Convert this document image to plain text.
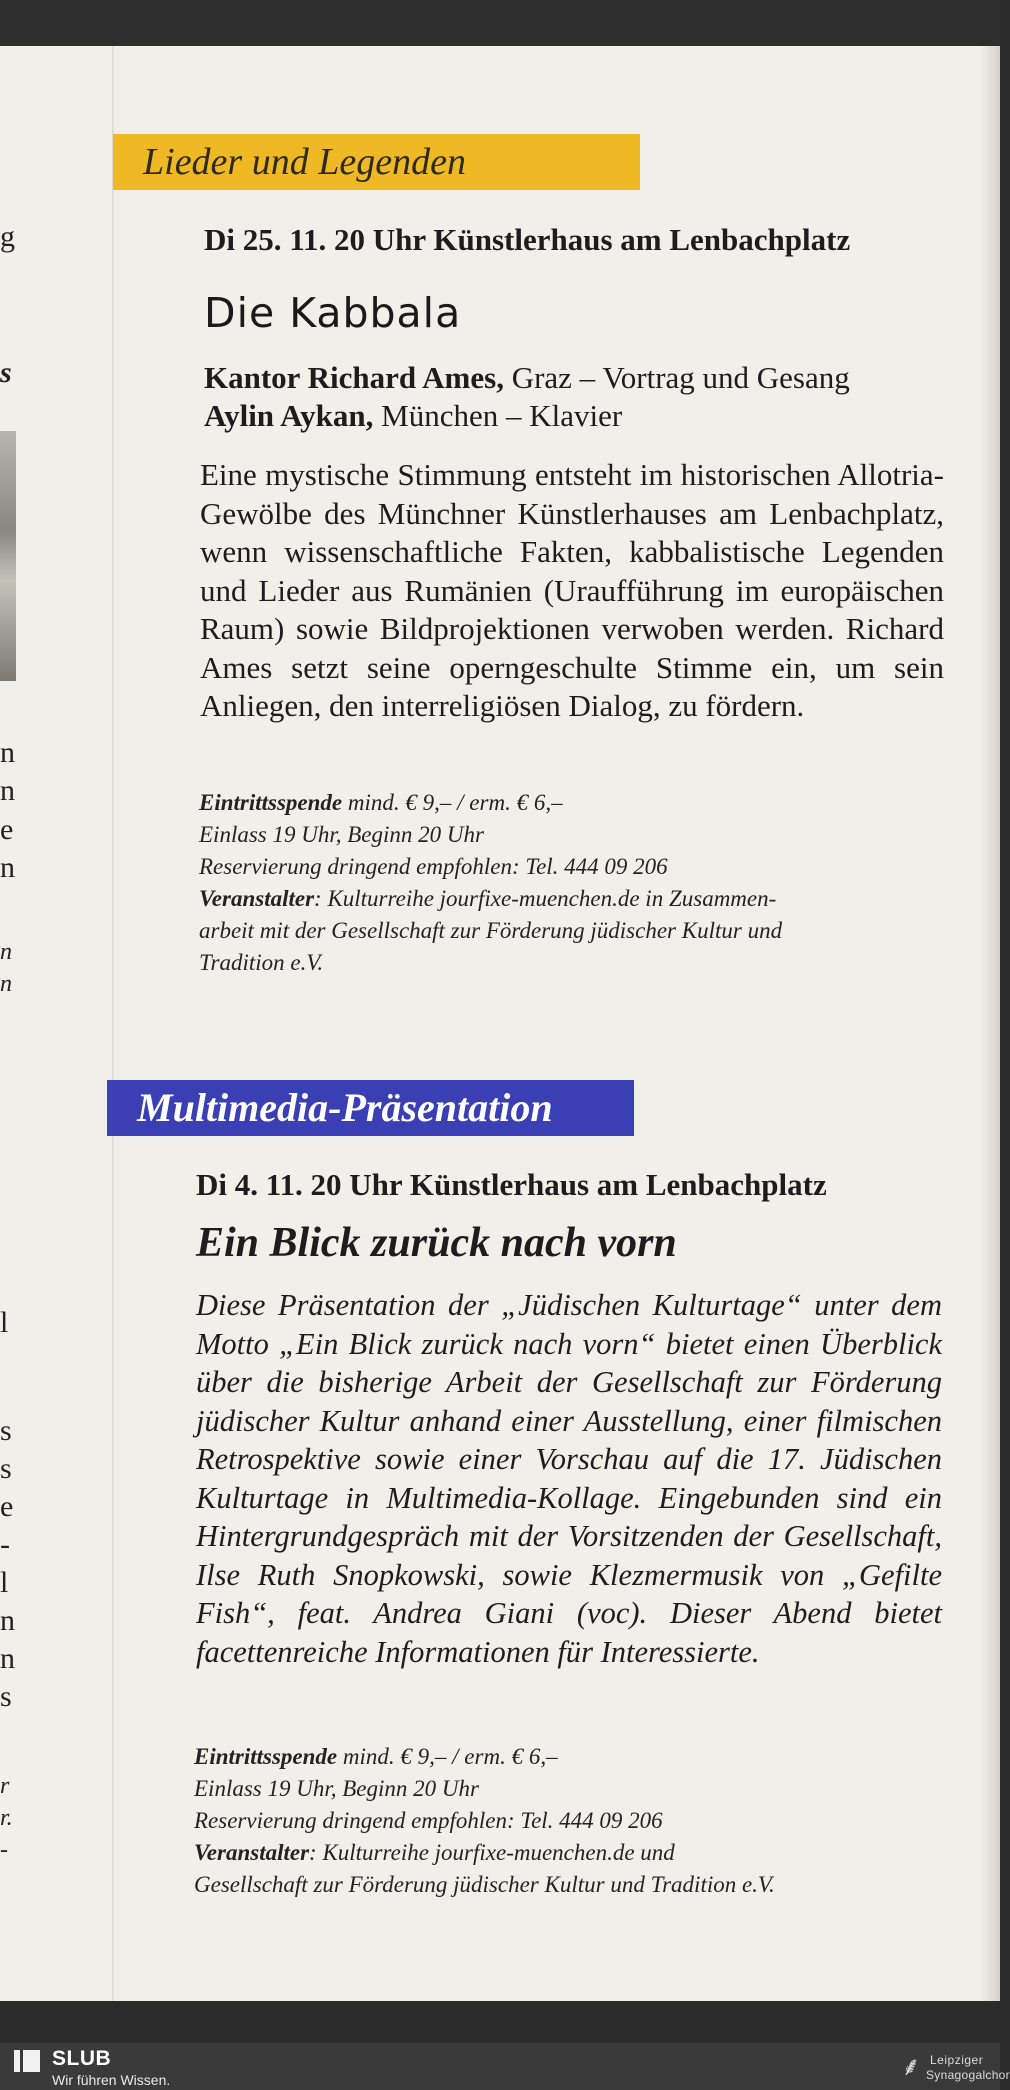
g
s
n
n
e
n
n
n
l
s
s
e
-
l
n
n
s
r
r.
-
Lieder und Legenden
Di 25. 11. 20 Uhr Künstlerhaus am Lenbachplatz
Die Kabbala
Kantor Richard Ames, Graz – Vortrag und Gesang
Aylin Aykan, München – Klavier
Eine mystische Stimmung entsteht im historischen Allotria-Gewölbe des Münchner Künstlerhauses am Lenbachplatz, wenn wissenschaftliche Fakten, kabbalistische Legenden und Lieder aus Rumänien (Uraufführung im europäischen Raum) sowie Bildprojektionen verwoben werden. Richard Ames setzt seine operngeschulte Stimme ein, um sein Anliegen, den interreligiösen Dialog, zu fördern.
Eintrittsspende mind. € 9,– / erm. € 6,–
Einlass 19 Uhr, Beginn 20 Uhr
Reservierung dringend empfohlen: Tel. 444 09 206
Veranstalter: Kulturreihe jourfixe-muenchen.de in Zusammen-
arbeit mit der Gesellschaft zur Förderung jüdischer Kultur und
Tradition e.V.
Multimedia-Präsentation
Di 4. 11. 20 Uhr Künstlerhaus am Lenbachplatz
Ein Blick zurück nach vorn
Diese Präsentation der „Jüdischen Kulturtage“ unter dem Motto „Ein Blick zurück nach vorn“ bietet einen Überblick über die bisherige Arbeit der Gesellschaft zur Förderung jüdischer Kultur anhand einer Ausstellung, einer filmischen Retrospektive sowie einer Vorschau auf die 17. Jüdischen Kulturtage in Multimedia-Kollage. Eingebunden sind ein Hintergrundgespräch mit der Vorsitzenden der Gesellschaft, Ilse Ruth Snopkowski, sowie Klezmermusik von „Gefilte Fish“, feat. Andrea Giani (voc). Dieser Abend bietet facettenreiche Informationen für Interessierte.
Eintrittsspende mind. € 9,– / erm. € 6,–
Einlass 19 Uhr, Beginn 20 Uhr
Reservierung dringend empfohlen: Tel. 444 09 206
Veranstalter: Kulturreihe jourfixe-muenchen.de und
Gesellschaft zur Förderung jüdischer Kultur und Tradition e.V.
SLUB
Wir führen Wissen.	⸙ Leipziger
Synagogalchor
